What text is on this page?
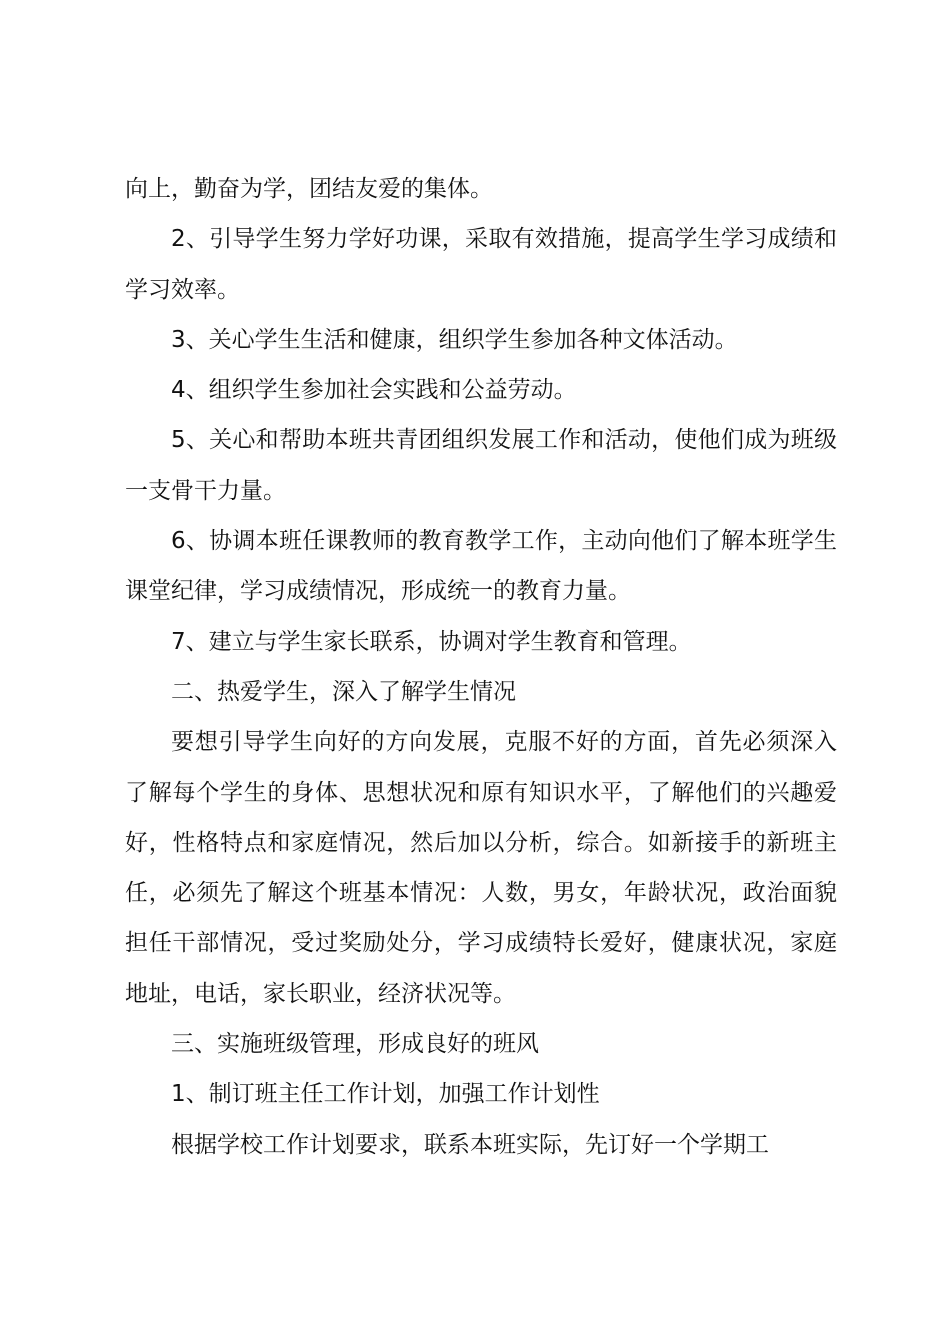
向上，勤奋为学，团结友爱的集体。

2、引导学生努力学好功课，采取有效措施，提高学生学习成绩和学习效率。

3、关心学生生活和健康，组织学生参加各种文体活动。

4、组织学生参加社会实践和公益劳动。

5、关心和帮助本班共青团组织发展工作和活动，使他们成为班级一支骨干力量。

6、协调本班任课教师的教育教学工作，主动向他们了解本班学生课堂纪律，学习成绩情况，形成统一的教育力量。

7、建立与学生家长联系，协调对学生教育和管理。

二、热爱学生，深入了解学生情况

要想引导学生向好的方向发展，克服不好的方面，首先必须深入了解每个学生的身体、思想状况和原有知识水平，了解他们的兴趣爱好，性格特点和家庭情况，然后加以分析，综合。如新接手的新班主任，必须先了解这个班基本情况：人数，男女，年龄状况，政治面貌担任干部情况，受过奖励处分，学习成绩特长爱好，健康状况，家庭地址，电话，家长职业，经济状况等。

三、实施班级管理，形成良好的班风

1、制订班主任工作计划，加强工作计划性

根据学校工作计划要求，联系本班实际，先订好一个学期工
